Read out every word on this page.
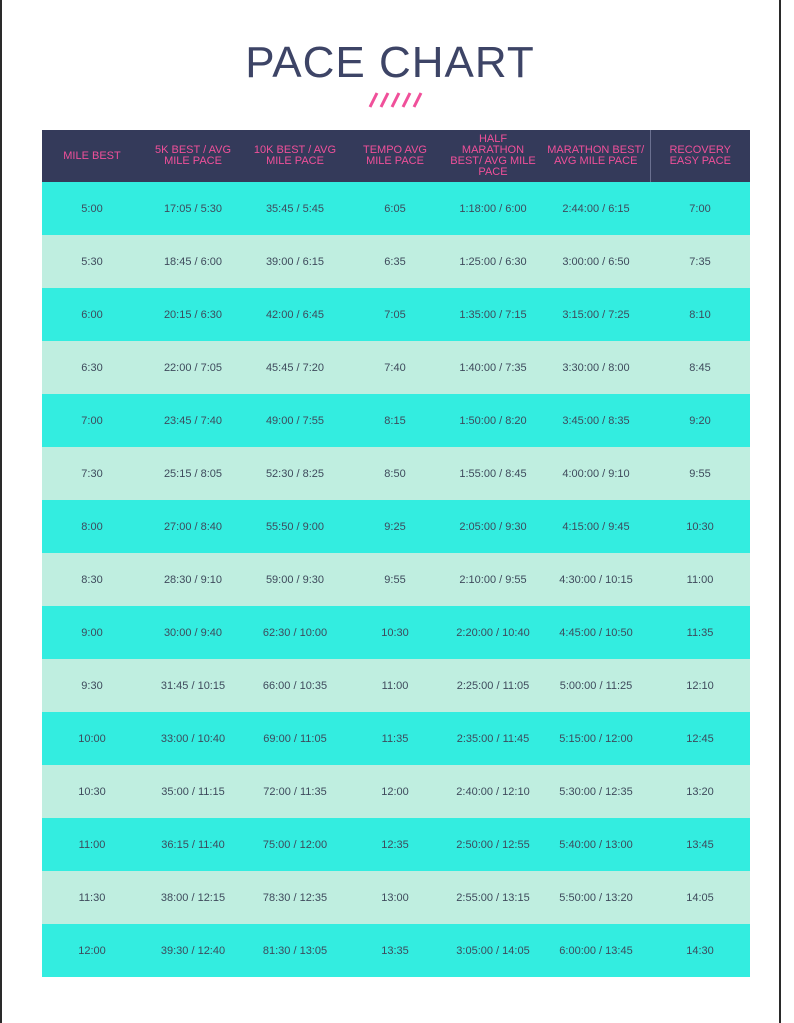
PACE CHART
MILE BEST	5K BEST / AVG MILE PACE	10K BEST / AVG MILE PACE	TEMPO AVG MILE PACE	HALF MARATHON BEST/ AVG MILE PACE	MARATHON BEST/ AVG MILE PACE	RECOVERY EASY PACE
5:00	17:05 / 5:30	35:45 / 5:45	6:05	1:18:00 / 6:00	2:44:00 / 6:15	7:00
5:30	18:45 / 6:00	39:00 / 6:15	6:35	1:25:00 / 6:30	3:00:00 / 6:50	7:35
6:00	20:15 / 6:30	42:00 / 6:45	7:05	1:35:00 / 7:15	3:15:00 / 7:25	8:10
6:30	22:00 / 7:05	45:45 / 7:20	7:40	1:40:00 / 7:35	3:30:00 / 8:00	8:45
7:00	23:45 / 7:40	49:00 / 7:55	8:15	1:50:00 / 8:20	3:45:00 / 8:35	9:20
7:30	25:15 / 8:05	52:30 / 8:25	8:50	1:55:00 / 8:45	4:00:00 / 9:10	9:55
8:00	27:00 / 8:40	55:50 / 9:00	9:25	2:05:00 / 9:30	4:15:00 / 9:45	10:30
8:30	28:30 / 9:10	59:00 / 9:30	9:55	2:10:00 / 9:55	4:30:00 / 10:15	11:00
9:00	30:00 / 9:40	62:30 / 10:00	10:30	2:20:00 / 10:40	4:45:00 / 10:50	11:35
9:30	31:45 / 10:15	66:00 / 10:35	11:00	2:25:00 / 11:05	5:00:00 / 11:25	12:10
10:00	33:00 / 10:40	69:00 / 11:05	11:35	2:35:00 / 11:45	5:15:00 / 12:00	12:45
10:30	35:00 / 11:15	72:00 / 11:35	12:00	2:40:00 / 12:10	5:30:00 / 12:35	13:20
11:00	36:15 / 11:40	75:00 / 12:00	12:35	2:50:00 / 12:55	5:40:00 / 13:00	13:45
11:30	38:00 / 12:15	78:30 / 12:35	13:00	2:55:00 / 13:15	5:50:00 / 13:20	14:05
12:00	39:30 / 12:40	81:30 / 13:05	13:35	3:05:00 / 14:05	6:00:00 / 13:45	14:30
